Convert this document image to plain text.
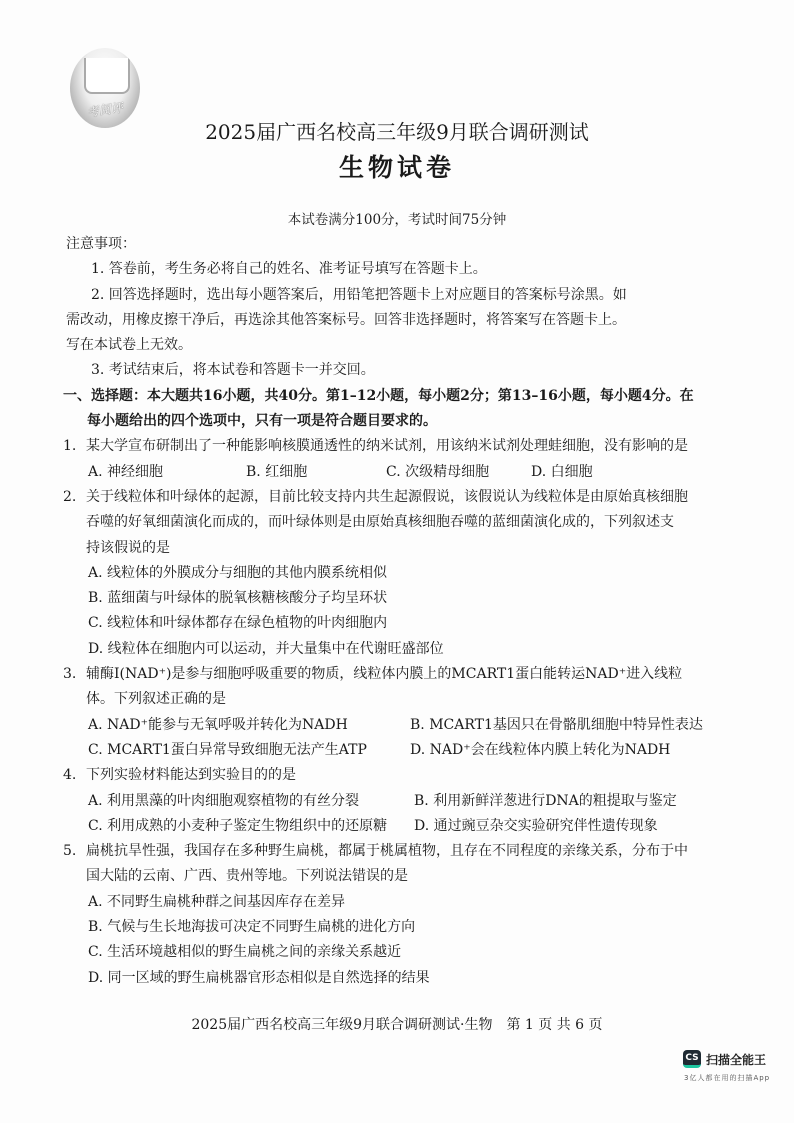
考阅评
2025届广西名校高三年级9月联合调研测试
生物试卷
本试卷满分100分，考试时间75分钟
注意事项：
1. 答卷前，考生务必将自己的姓名、准考证号填写在答题卡上。
2. 回答选择题时，选出每小题答案后，用铅笔把答题卡上对应题目的答案标号涂黑。如
需改动，用橡皮擦干净后，再选涂其他答案标号。回答非选择题时，将答案写在答题卡上。
写在本试卷上无效。
3. 考试结束后，将本试卷和答题卡一并交回。
一、选择题：本大题共16小题，共40分。第1–12小题，每小题2分；第13–16小题，每小题4分。在
每小题给出的四个选项中，只有一项是符合题目要求的。
1. 某大学宣布研制出了一种能影响核膜通透性的纳米试剂，用该纳米试剂处理蛙细胞，没有影响的是
A. 神经细胞	B. 红细胞	C. 次级精母细胞	D. 白细胞
2. 关于线粒体和叶绿体的起源，目前比较支持内共生起源假说，该假说认为线粒体是由原始真核细胞
吞噬的好氧细菌演化而成的，而叶绿体则是由原始真核细胞吞噬的蓝细菌演化成的，下列叙述支
持该假说的是
A. 线粒体的外膜成分与细胞的其他内膜系统相似
B. 蓝细菌与叶绿体的脱氧核糖核酸分子均呈环状
C. 线粒体和叶绿体都存在绿色植物的叶肉细胞内
D. 线粒体在细胞内可以运动，并大量集中在代谢旺盛部位
3. 辅酶Ⅰ(NAD⁺)是参与细胞呼吸重要的物质，线粒体内膜上的MCART1蛋白能转运NAD⁺进入线粒
体。下列叙述正确的是
A. NAD⁺能参与无氧呼吸并转化为NADH	B. MCART1基因只在骨骼肌细胞中特异性表达
C. MCART1蛋白异常导致细胞无法产生ATP	D. NAD⁺会在线粒体内膜上转化为NADH
4. 下列实验材料能达到实验目的的是
A. 利用黑藻的叶肉细胞观察植物的有丝分裂	B. 利用新鲜洋葱进行DNA的粗提取与鉴定
C. 利用成熟的小麦种子鉴定生物组织中的还原糖 D. 通过豌豆杂交实验研究伴性遗传现象
5. 扁桃抗旱性强，我国存在多种野生扁桃，都属于桃属植物，且存在不同程度的亲缘关系，分布于中
国大陆的云南、广西、贵州等地。下列说法错误的是
A. 不同野生扁桃种群之间基因库存在差异
B. 气候与生长地海拔可决定不同野生扁桃的进化方向
C. 生活环境越相似的野生扁桃之间的亲缘关系越近
D. 同一区域的野生扁桃器官形态相似是自然选择的结果
2025届广西名校高三年级9月联合调研测试·生物　第 1 页 共 6 页
CS 扫描全能王
3亿人都在用的扫描App
